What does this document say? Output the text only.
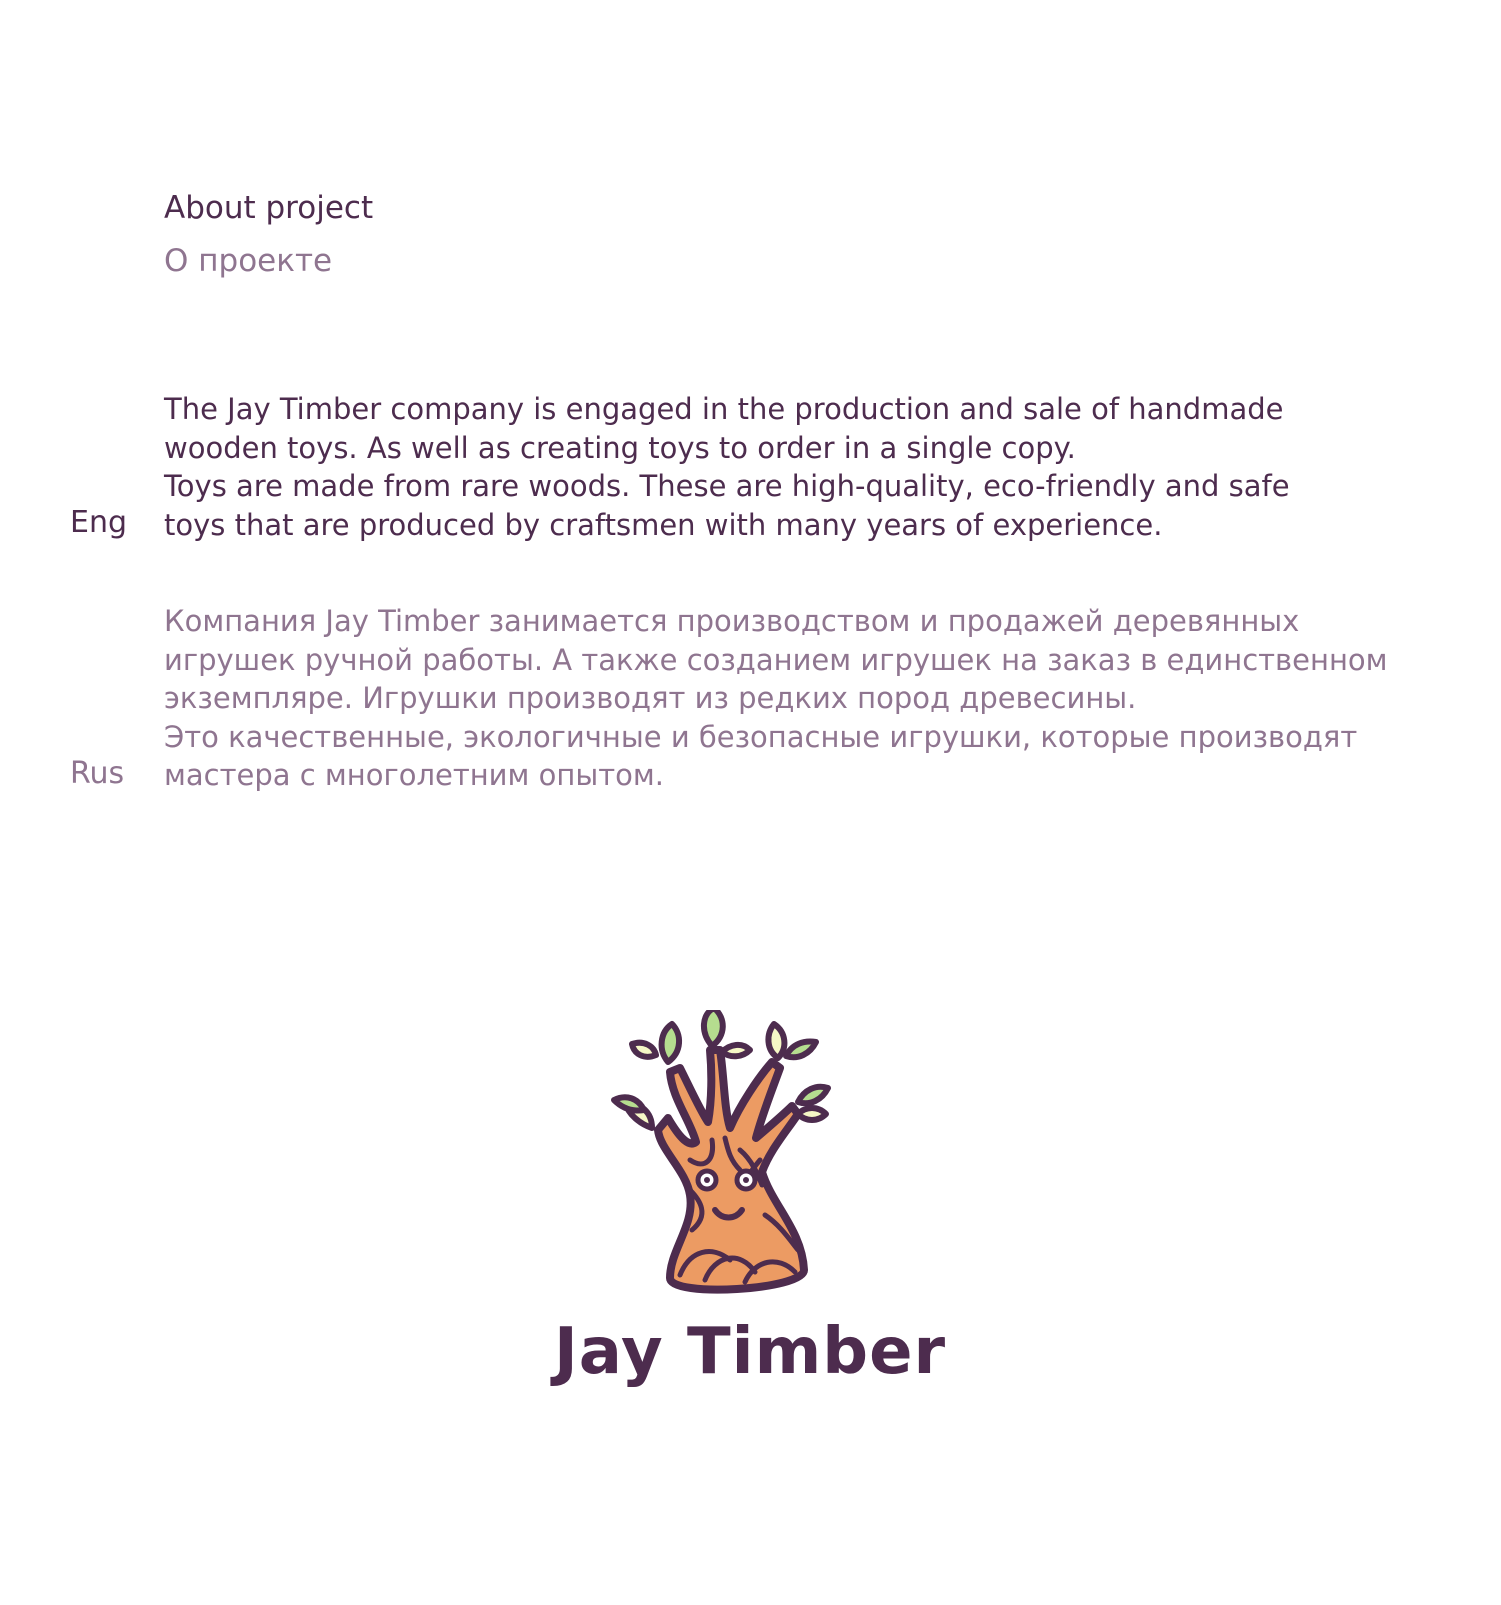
About project
О проекте
Eng
The Jay Timber company is engaged in the production and sale of handmade
wooden toys. As well as creating toys to order in a single copy.
Toys are made from rare woods. These are high-quality, eco-friendly and safe
toys that are produced by craftsmen with many years of experience.
Rus
Компания Jay Timber занимается производством и продажей деревянных
игрушек ручной работы. А также созданием игрушек на заказ в единственном
экземпляре. Игрушки производят из редких пород древесины.
Это качественные, экологичные и безопасные игрушки, которые производят
мастера с многолетним опытом.
Jay Timber
